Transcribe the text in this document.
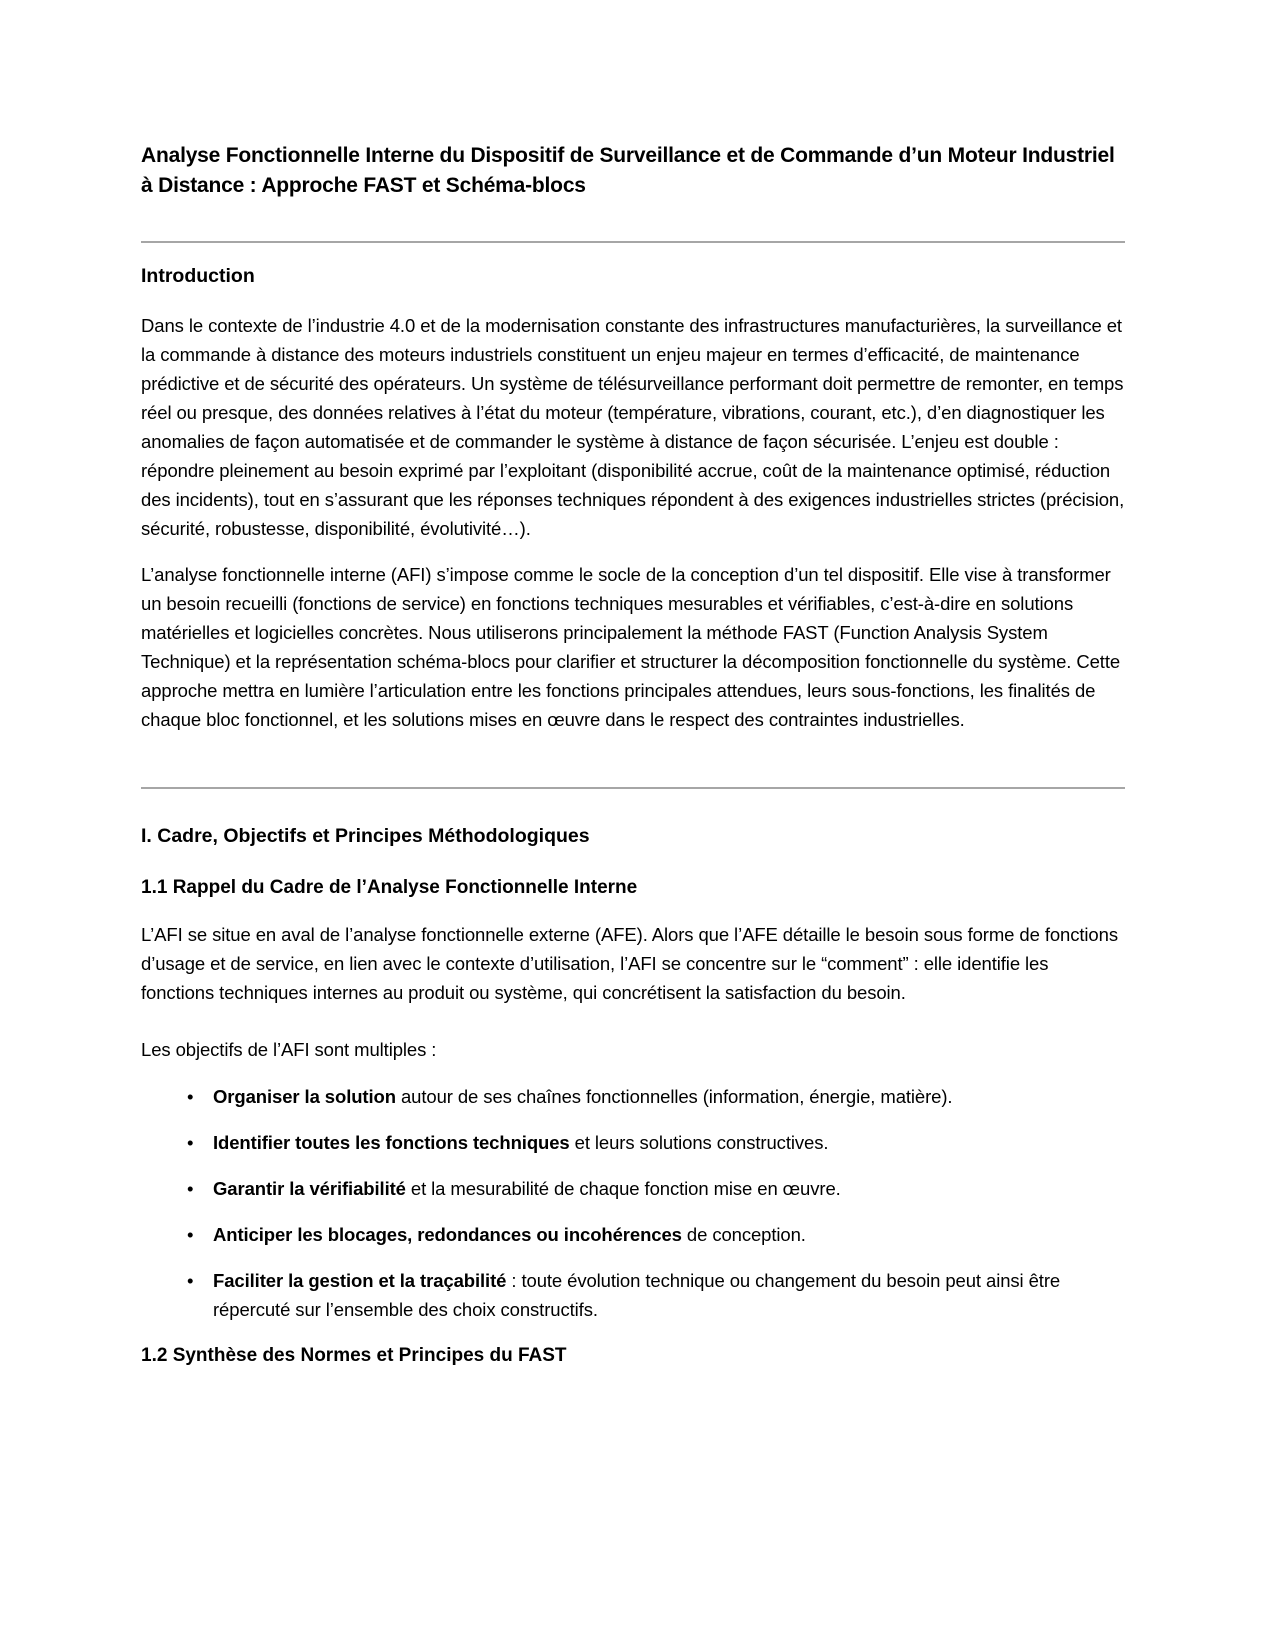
Analyse Fonctionnelle Interne du Dispositif de Surveillance et de Commande d’un Moteur Industriel à Distance : Approche FAST et Schéma-blocs
Introduction

Dans le contexte de l’industrie 4.0 et de la modernisation constante des infrastructures manufacturières, la surveillance et la commande à distance des moteurs industriels constituent un enjeu majeur en termes d’efficacité, de maintenance prédictive et de sécurité des opérateurs. Un système de télésurveillance performant doit permettre de remonter, en temps réel ou presque, des données relatives à l’état du moteur (température, vibrations, courant, etc.), d’en diagnostiquer les anomalies de façon automatisée et de commander le système à distance de façon sécurisée. L’enjeu est double : répondre pleinement au besoin exprimé par l’exploitant (disponibilité accrue, coût de la maintenance optimisé, réduction des incidents), tout en s’assurant que les réponses techniques répondent à des exigences industrielles strictes (précision, sécurité, robustesse, disponibilité, évolutivité…).

L’analyse fonctionnelle interne (AFI) s’impose comme le socle de la conception d’un tel dispositif. Elle vise à transformer un besoin recueilli (fonctions de service) en fonctions techniques mesurables et vérifiables, c’est-à-dire en solutions matérielles et logicielles concrètes. Nous utiliserons principalement la méthode FAST (Function Analysis System Technique) et la représentation schéma-blocs pour clarifier et structurer la décomposition fonctionnelle du système. Cette approche mettra en lumière l’articulation entre les fonctions principales attendues, leurs sous-fonctions, les finalités de chaque bloc fonctionnel, et les solutions mises en œuvre dans le respect des contraintes industrielles.

I. Cadre, Objectifs et Principes Méthodologiques
1.1 Rappel du Cadre de l’Analyse Fonctionnelle Interne

L’AFI se situe en aval de l’analyse fonctionnelle externe (AFE). Alors que l’AFE détaille le besoin sous forme de fonctions d’usage et de service, en lien avec le contexte d’utilisation, l’AFI se concentre sur le “comment” : elle identifie les fonctions techniques internes au produit ou système, qui concrétisent la satisfaction du besoin.

Les objectifs de l’AFI sont multiples :

• Organiser la solution autour de ses chaînes fonctionnelles (information, énergie, matière).
• Identifier toutes les fonctions techniques et leurs solutions constructives.
• Garantir la vérifiabilité et la mesurabilité de chaque fonction mise en œuvre.
• Anticiper les blocages, redondances ou incohérences de conception.
• Faciliter la gestion et la traçabilité : toute évolution technique ou changement du besoin peut ainsi être répercuté sur l’ensemble des choix constructifs.
1.2 Synthèse des Normes et Principes du FAST
